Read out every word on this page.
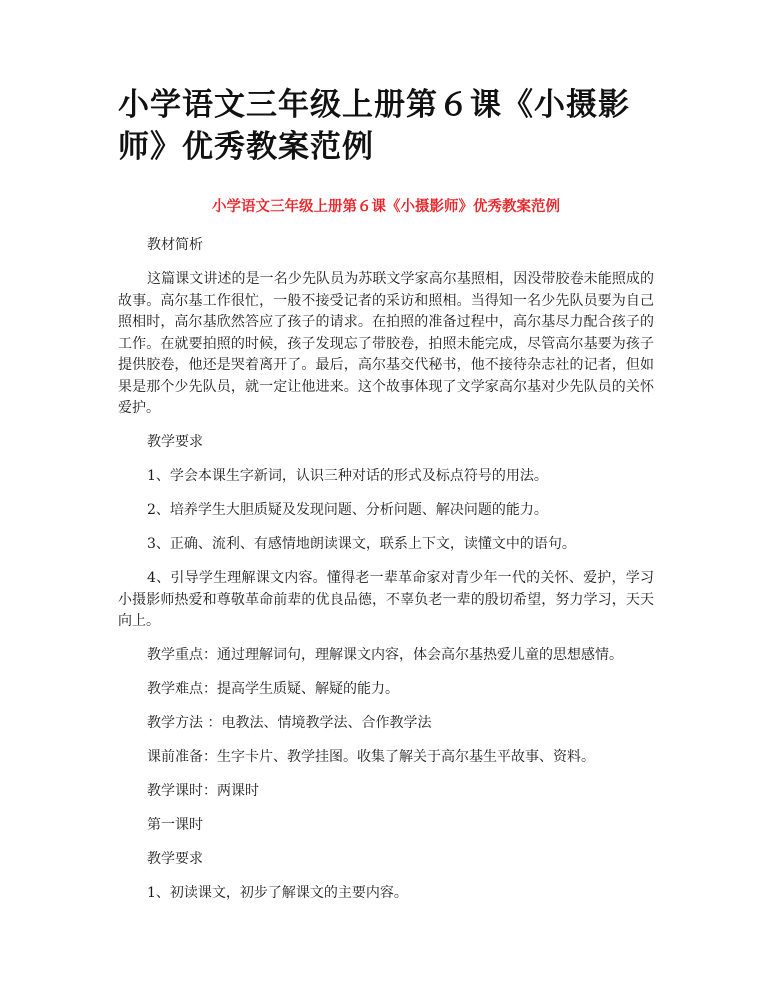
小学语文三年级上册第６课《小摄影师》优秀教案范例
小学语文三年级上册第６课《小摄影师》优秀教案范例

教材简析

这篇课文讲述的是一名少先队员为苏联文学家高尔基照相，因没带胶卷未能照成的故事。高尔基工作很忙，一般不接受记者的采访和照相。当得知一名少先队员要为自己照相时，高尔基欣然答应了孩子的请求。在拍照的准备过程中，高尔基尽力配合孩子的工作。在就要拍照的时候，孩子发现忘了带胶卷，拍照未能完成，尽管高尔基要为孩子提供胶卷，他还是哭着离开了。最后，高尔基交代秘书，他不接待杂志社的记者，但如果是那个少先队员，就一定让他进来。这个故事体现了文学家高尔基对少先队员的关怀爱护。

教学要求

1、学会本课生字新词，认识三种对话的形式及标点符号的用法。

2、培养学生大胆质疑及发现问题、分析问题、解决问题的能力。

3、正确、流利、有感情地朗读课文，联系上下文，读懂文中的语句。

4、引导学生理解课文内容。懂得老一辈革命家对青少年一代的关怀、爱护，学习小摄影师热爱和尊敬革命前辈的优良品德，不辜负老一辈的殷切希望，努力学习，天天向上。

教学重点：通过理解词句，理解课文内容，体会高尔基热爱儿童的思想感情。

教学难点：提高学生质疑、解疑的能力。

教学方法 ：电教法、情境教学法、合作教学法

课前准备：生字卡片、教学挂图。收集了解关于高尔基生平故事、资料。

教学课时：两课时

第一课时

教学要求

1、初读课文，初步了解课文的主要内容。
